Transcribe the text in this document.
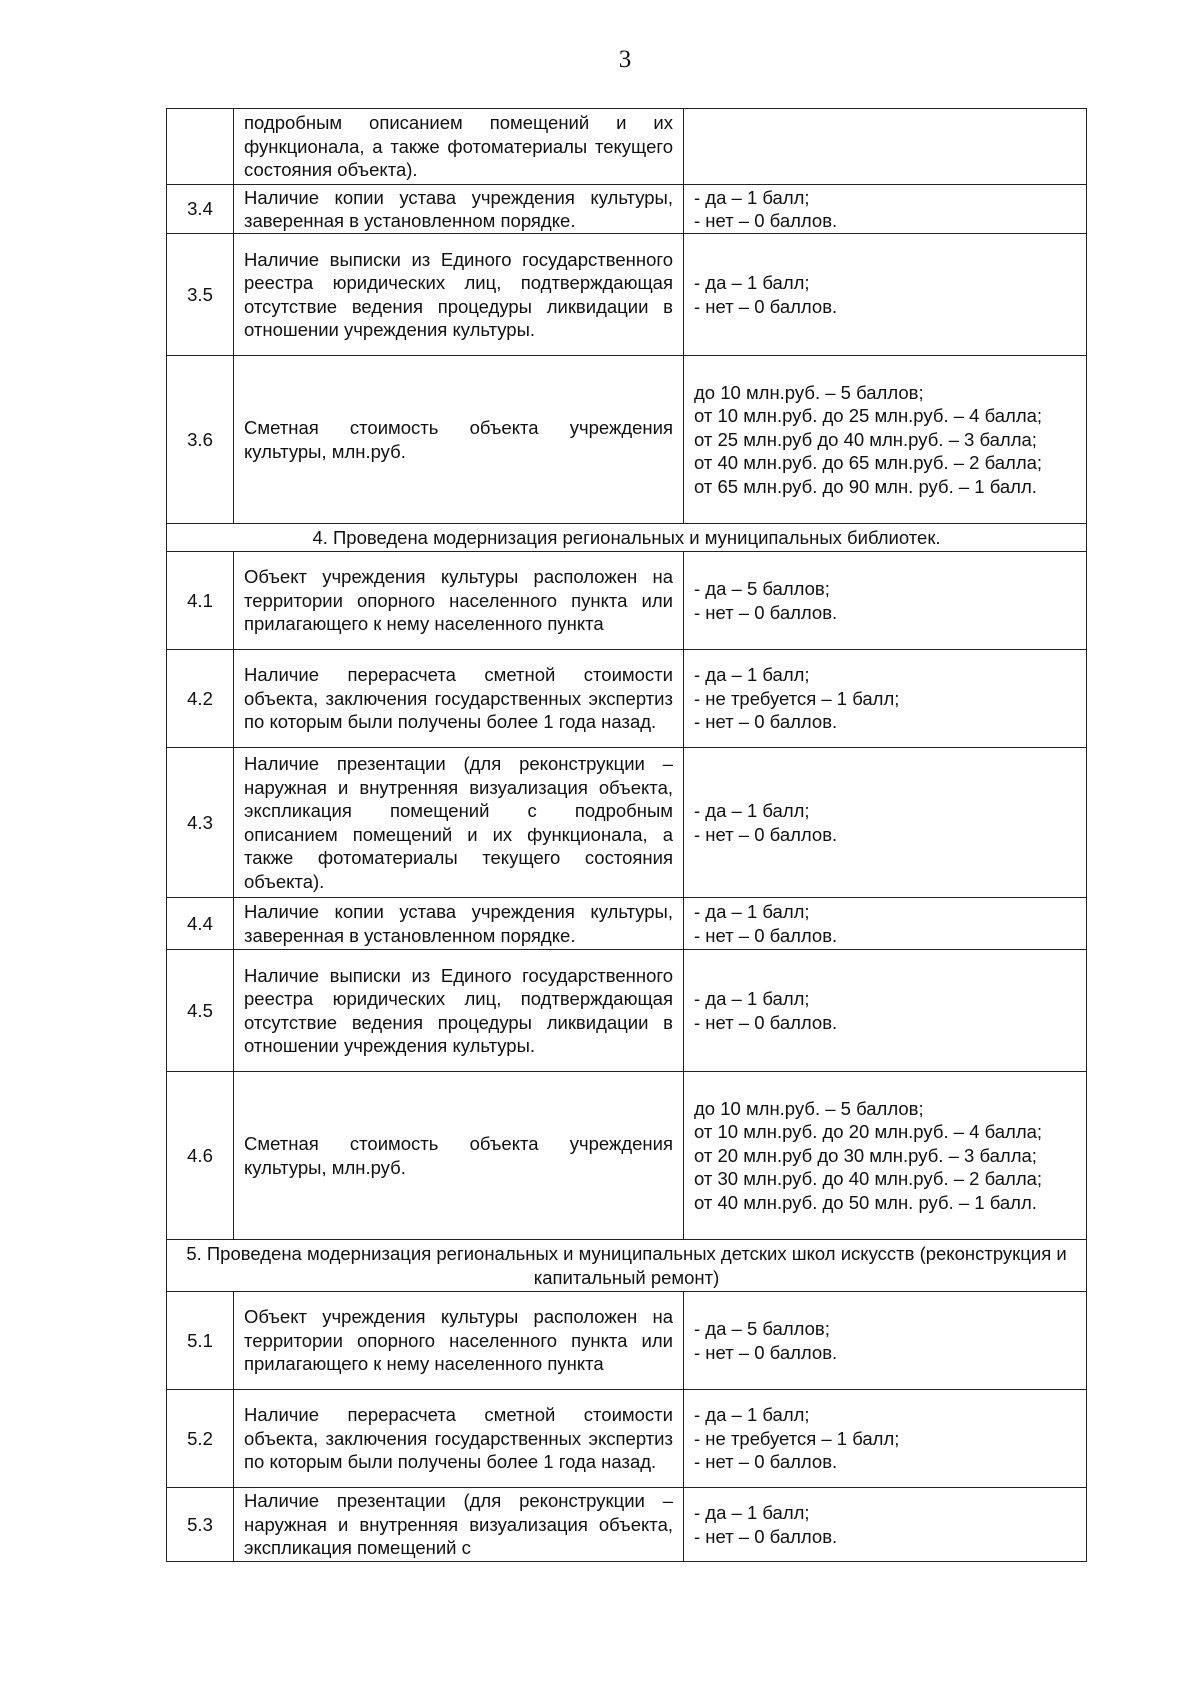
3

	подробным описанием помещений и их функционала, а также фотоматериалы текущего состояния объекта).	

3.4	Наличие копии устава учреждения культуры, заверенная в установленном порядке.	- да – 1 балл;
- нет – 0 баллов.

3.5	Наличие выписки из Единого государственного реестра юридических лиц, подтверждающая отсутствие ведения процедуры ликвидации в отношении учреждения культуры.	- да – 1 балл;
- нет – 0 баллов.

3.6	Сметная стоимость объекта учреждения культуры, млн.руб.	до 10 млн.руб. – 5 баллов;
от 10 млн.руб. до 25 млн.руб. – 4 балла;
от 25 млн.руб до 40 млн.руб. – 3 балла;
от 40 млн.руб. до 65 млн.руб. – 2 балла;
от 65 млн.руб. до 90 млн. руб. – 1 балл.

4. Проведена модернизация региональных и муниципальных библиотек.		
4.1	Объект учреждения культуры расположен на территории опорного населенного пункта или прилагающего к нему населенного пункта	- да – 5 баллов;
- нет – 0 баллов.

4.2	Наличие перерасчета сметной стоимости объекта, заключения государственных экспертиз по которым были получены более 1 года назад.	- да – 1 балл;
- не требуется – 1 балл;
- нет – 0 баллов.

4.3	Наличие презентации (для реконструкции – наружная и внутренняя визуализация объекта, экспликация помещений с подробным описанием помещений и их функционала, а также фотоматериалы текущего состояния объекта).	- да – 1 балл;
- нет – 0 баллов.

4.4	Наличие копии устава учреждения культуры, заверенная в установленном порядке.	- да – 1 балл;
- нет – 0 баллов.

4.5	Наличие выписки из Единого государственного реестра юридических лиц, подтверждающая отсутствие ведения процедуры ликвидации в отношении учреждения культуры.	- да – 1 балл;
- нет – 0 баллов.

4.6	Сметная стоимость объекта учреждения культуры, млн.руб.	до 10 млн.руб. – 5 баллов;
от 10 млн.руб. до 20 млн.руб. – 4 балла;
от 20 млн.руб до 30 млн.руб. – 3 балла;
от 30 млн.руб. до 40 млн.руб. – 2 балла;
от 40 млн.руб. до 50 млн. руб. – 1 балл.

5. Проведена модернизация региональных и муниципальных детских школ искусств (реконструкция и капитальный ремонт)		
5.1	Объект учреждения культуры расположен на территории опорного населенного пункта или прилагающего к нему населенного пункта	- да – 5 баллов;
- нет – 0 баллов.

5.2	Наличие перерасчета сметной стоимости объекта, заключения государственных экспертиз по которым были получены более 1 года назад.	- да – 1 балл;
- не требуется – 1 балл;
- нет – 0 баллов.

5.3	Наличие презентации (для реконструкции – наружная и внутренняя визуализация объекта, экспликация помещений с	- да – 1 балл;
- нет – 0 баллов.
